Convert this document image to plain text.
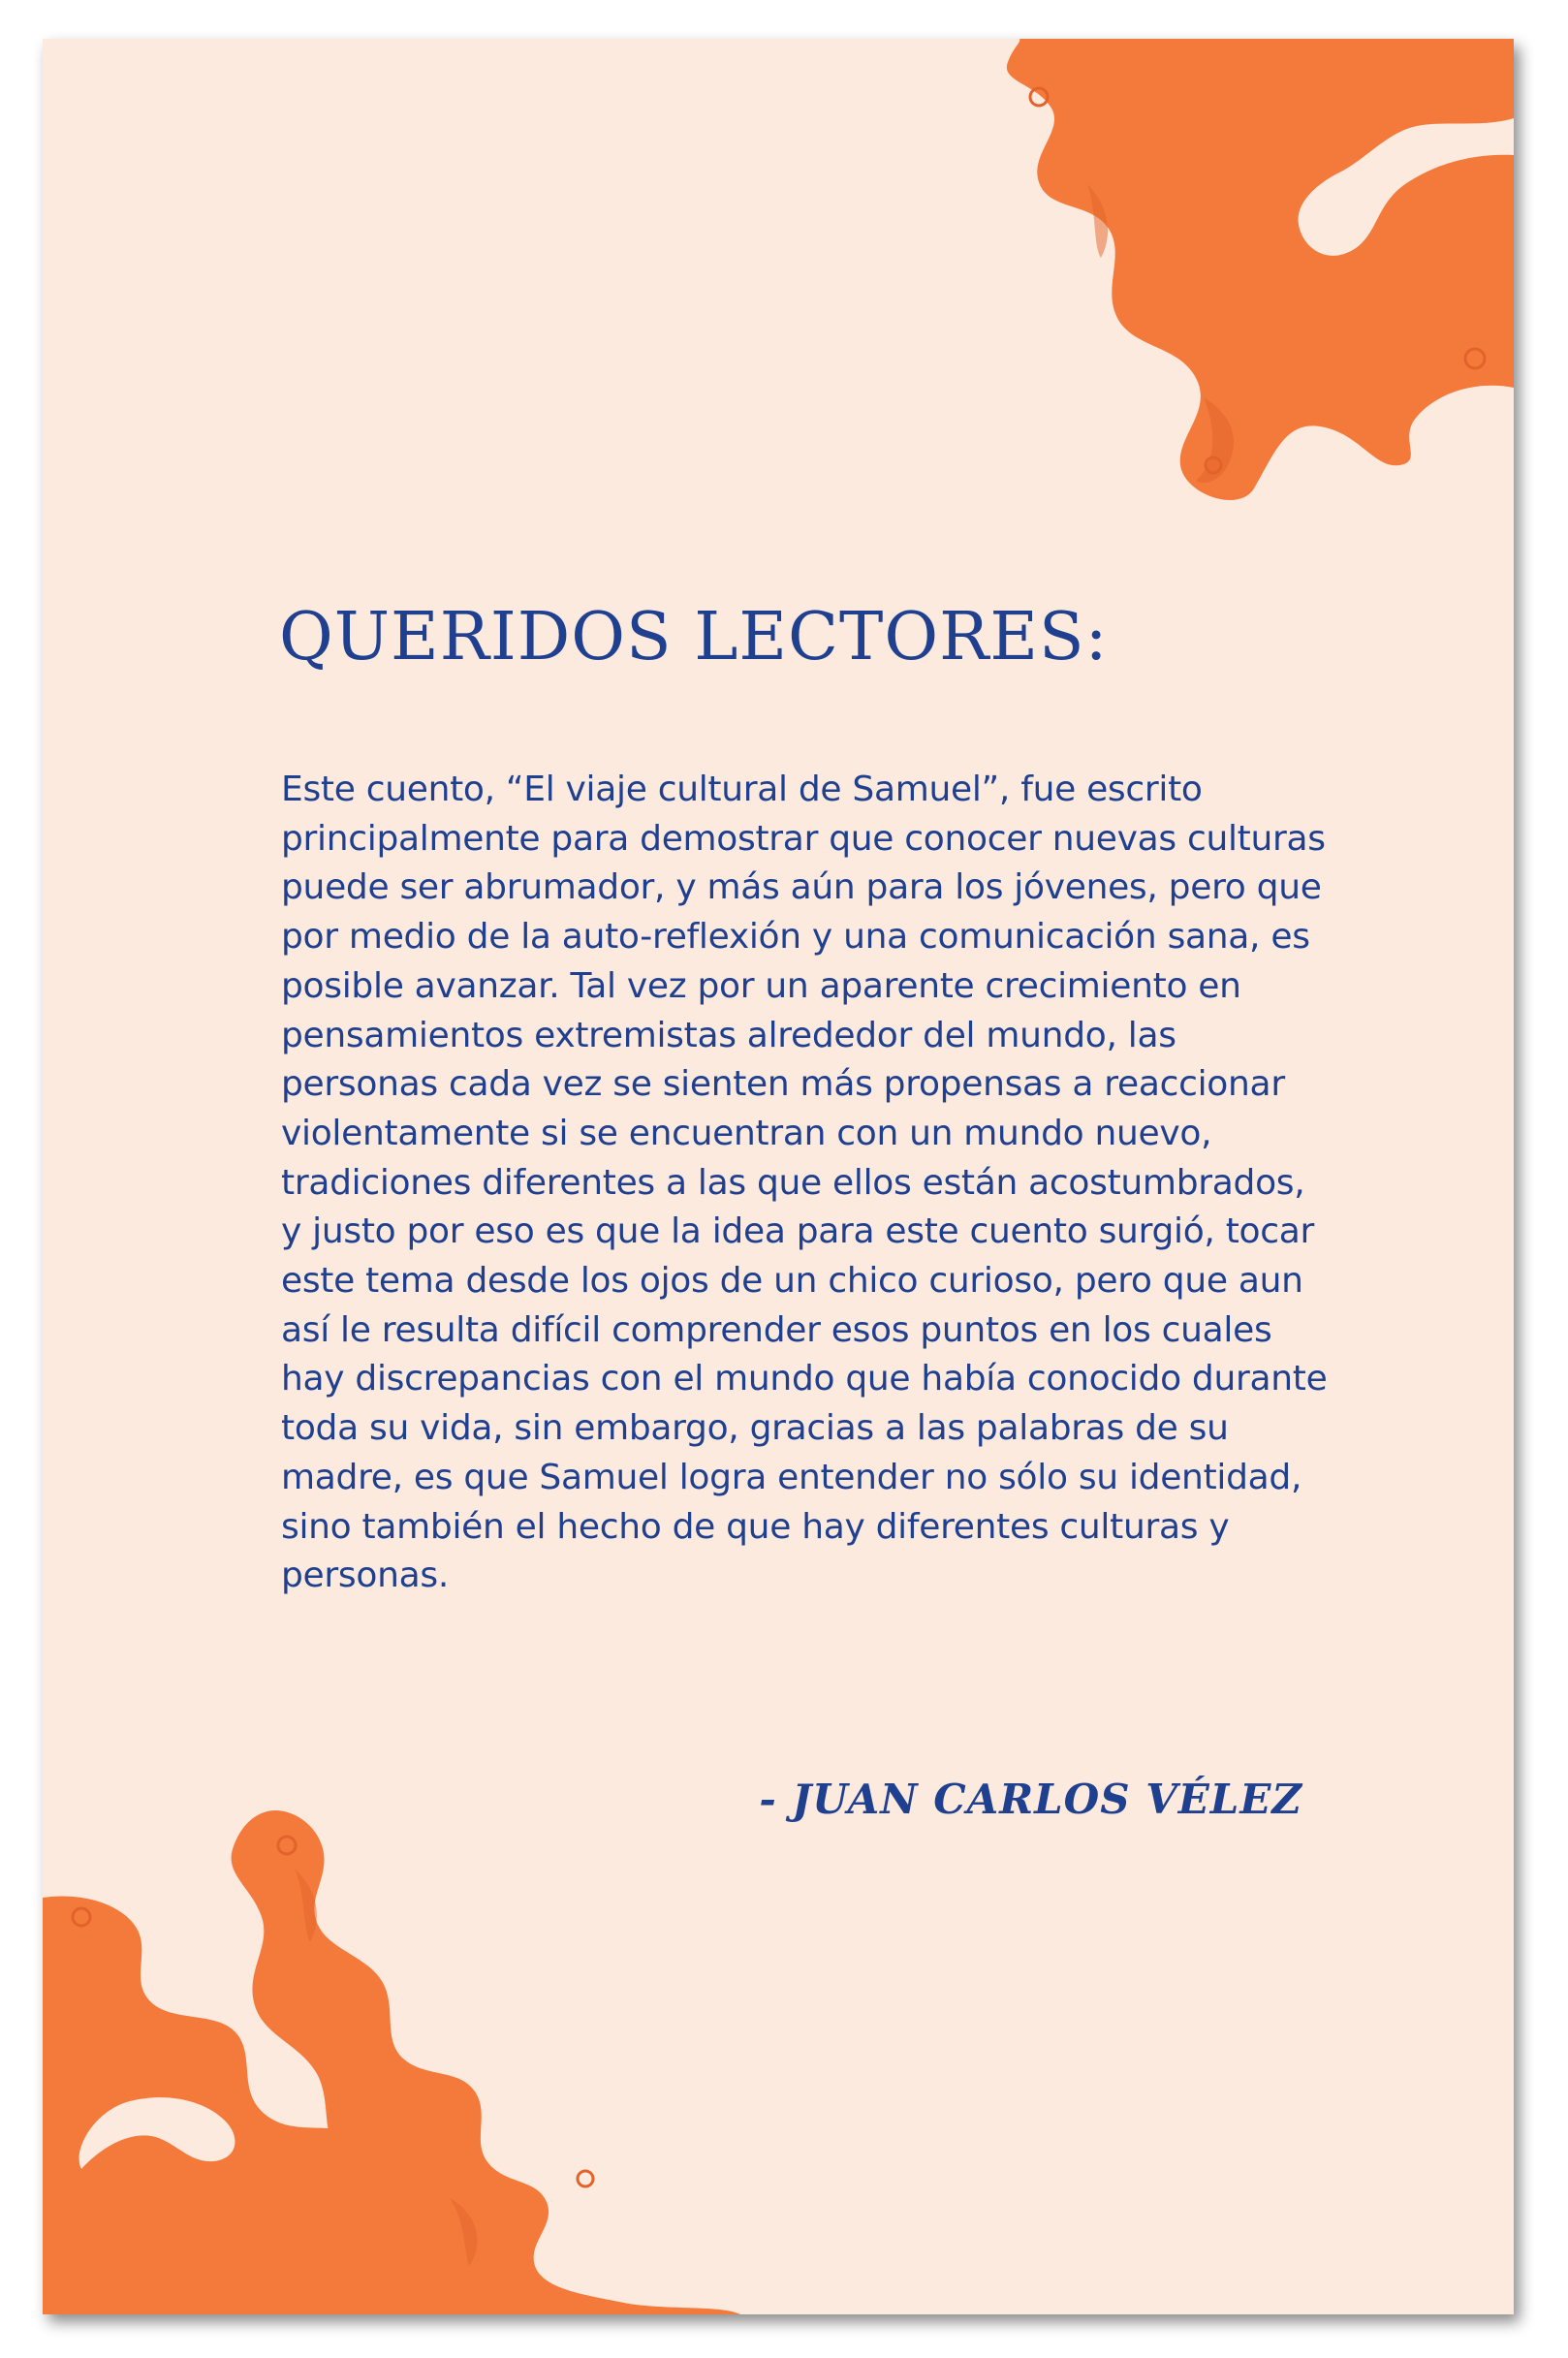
QUERIDOS LECTORES:

Este cuento, “El viaje cultural de Samuel”, fue escrito principalmente para demostrar que conocer nuevas culturas puede ser abrumador, y más aún para los jóvenes, pero que por medio de la auto-reflexión y una comunicación sana, es posible avanzar. Tal vez por un aparente crecimiento en pensamientos extremistas alrededor del mundo, las personas cada vez se sienten más propensas a reaccionar violentamente si se encuentran con un mundo nuevo, tradiciones diferentes a las que ellos están acostumbrados, y justo por eso es que la idea para este cuento surgió, tocar este tema desde los ojos de un chico curioso, pero que aun así le resulta difícil comprender esos puntos en los cuales hay discrepancias con el mundo que había conocido durante toda su vida, sin embargo, gracias a las palabras de su madre, es que Samuel logra entender no sólo su identidad, sino también el hecho de que hay diferentes culturas y personas.

- JUAN CARLOS VÉLEZ
